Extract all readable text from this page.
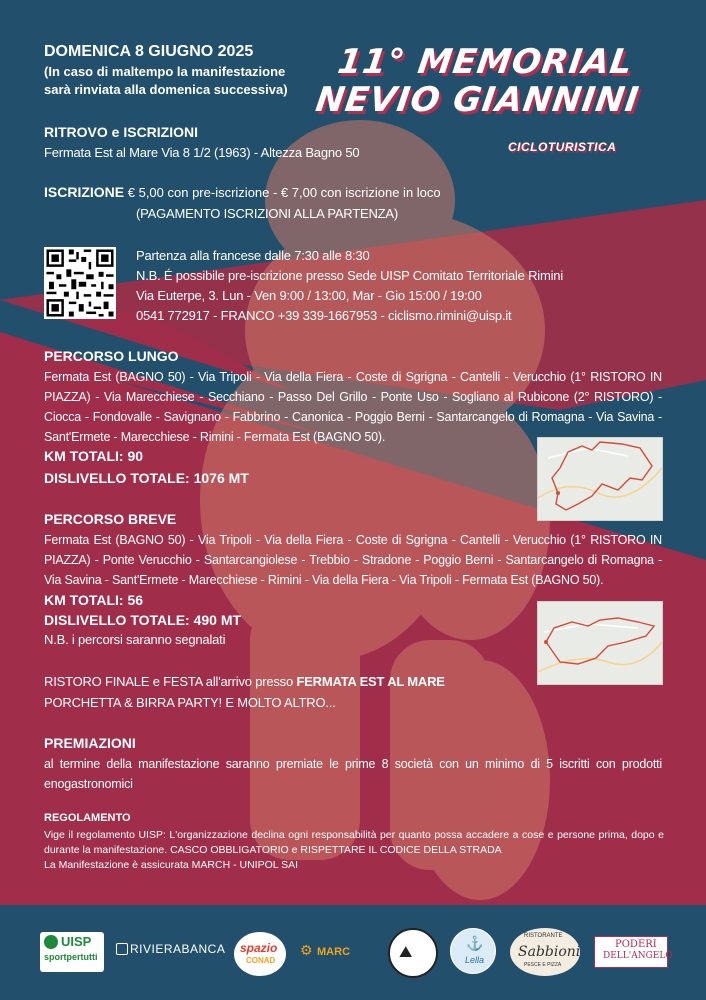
DOMENICA 8 GIUGNO 2025
(In caso di maltempo la manifestazione
sarà rinviata alla domenica successiva)
11° MEMORIAL
NEVIO GIANNINI
CICLOTURISTICA
RITROVO e ISCRIZIONI
Fermata Est al Mare Via 8 1/2 (1963) - Altezza Bagno 50
ISCRIZIONE € 5,00 con pre-iscrizione - € 7,00 con iscrizione in loco
(PAGAMENTO ISCRIZIONI ALLA PARTENZA)
Partenza alla francese dalle 7:30 alle 8:30
N.B. É possibile pre-iscrizione presso Sede UISP Comitato Territoriale Rimini
Via Euterpe, 3. Lun - Ven 9:00 / 13:00, Mar - Gio 15:00 / 19:00
0541 772917 - FRANCO +39 339-1667953 - ciclismo.rimini@uisp.it
PERCORSO LUNGO
Fermata Est (BAGNO 50) - Via Tripoli - Via della Fiera - Coste di Sgrigna - Cantelli - Verucchio (1° RISTORO IN PIAZZA) - Via Marecchiese - Secchiano - Passo Del Grillo - Ponte Uso - Sogliano al Rubicone (2° RISTORO) - Ciocca - Fondovalle - Savignano - Fabbrino - Canonica - Poggio Berni - Santarcangelo di Romagna - Via Savina - Sant'Ermete - Marecchiese - Rimini - Fermata Est (BAGNO 50).
KM TOTALI: 90
DISLIVELLO TOTALE: 1076 MT
PERCORSO BREVE
Fermata Est (BAGNO 50) - Via Tripoli - Via della Fiera - Coste di Sgrigna - Cantelli - Verucchio (1° RISTORO IN PIAZZA) - Ponte Verucchio - Santarcangiolese - Trebbio - Stradone - Poggio Berni - Santarcangelo di Romagna - Via Savina - Sant'Ermete - Marecchiese - Rimini - Via della Fiera - Via Tripoli - Fermata Est (BAGNO 50).
KM TOTALI: 56
DISLIVELLO TOTALE: 490 MT
N.B. i percorsi saranno segnalati
RISTORO FINALE e FESTA all'arrivo presso FERMATA EST AL MARE
PORCHETTA & BIRRA PARTY! E MOLTO ALTRO...
PREMIAZIONI
al termine della manifestazione saranno premiate le prime 8 società con un minimo di 5 iscritti con prodotti enogastronomici
REGOLAMENTO
Vige il regolamento UISP: L'organizzazione declina ogni responsabilità per quanto possa accadere a cose e persone prima, dopo e durante la manifestazione. CASCO OBBLIGATORIO e RISPETTARE IL CODICE DELLA STRADA
La Manifestazione è assicurata MARCH - UNIPOL SAI
UISP
sportpertutti
RIVIERABANCA spazio
CONAD
⚙ MARC	⛰	Lella
⚓	RISTORANTE
Sabbioni
PESCE E PIZZA
PODERI
DELL'ANGELO
